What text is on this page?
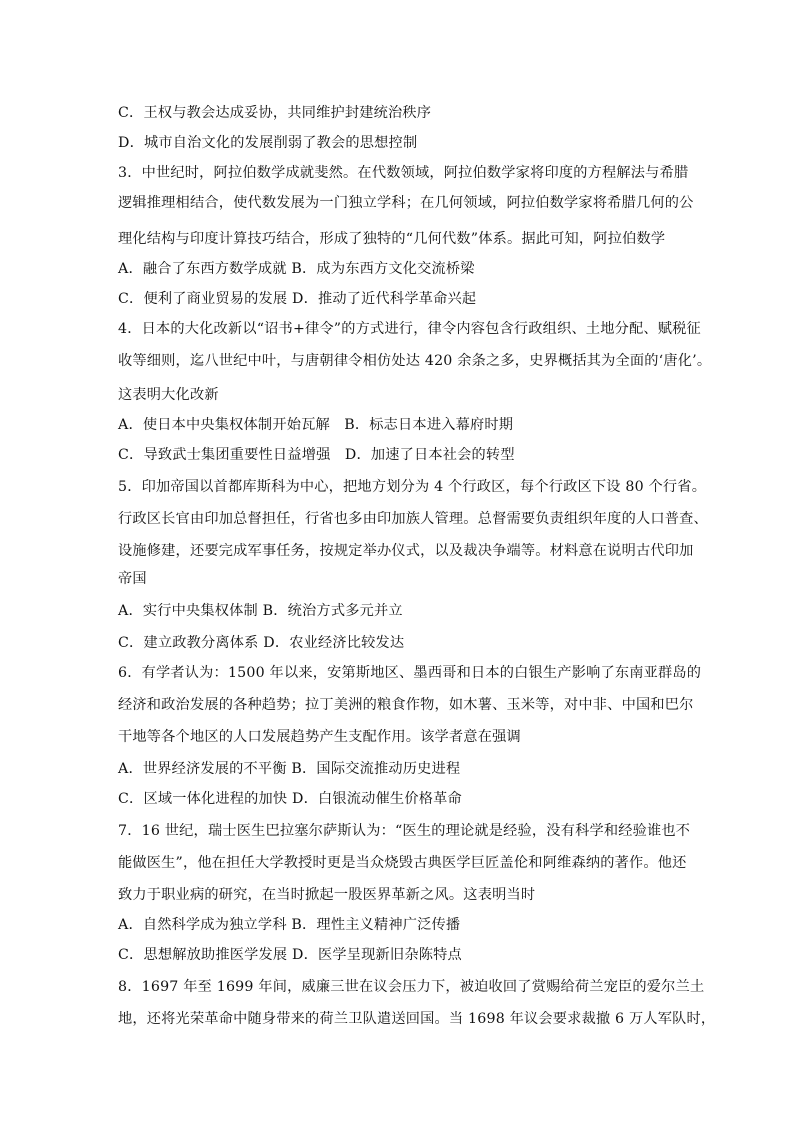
C．王权与教会达成妥协，共同维护封建统治秩序
D．城市自治文化的发展削弱了教会的思想控制
3．中世纪时，阿拉伯数学成就斐然。在代数领域，阿拉伯数学家将印度的方程解法与希腊
逻辑推理相结合，使代数发展为一门独立学科；在几何领域，阿拉伯数学家将希腊几何的公
理化结构与印度计算技巧结合，形成了独特的“几何代数”体系。据此可知，阿拉伯数学
A．融合了东西方数学成就 B．成为东西方文化交流桥梁
C．便利了商业贸易的发展 D．推动了近代科学革命兴起
4．日本的大化改新以“诏书+律令”的方式进行，律令内容包含行政组织、土地分配、赋税征
收等细则，迄八世纪中叶，与唐朝律令相仿处达 420 余条之多，史界概括其为全面的‘唐化’。
这表明大化改新
A．使日本中央集权体制开始瓦解　B．标志日本进入幕府时期
C．导致武士集团重要性日益增强　D．加速了日本社会的转型
5．印加帝国以首都库斯科为中心，把地方划分为 4 个行政区，每个行政区下设 80 个行省。
行政区长官由印加总督担任，行省也多由印加族人管理。总督需要负责组织年度的人口普查、
设施修建，还要完成军事任务，按规定举办仪式，以及裁决争端等。材料意在说明古代印加
帝国
A．实行中央集权体制 B．统治方式多元并立
C．建立政教分离体系 D．农业经济比较发达
6．有学者认为：1500 年以来，安第斯地区、墨西哥和日本的白银生产影响了东南亚群岛的
经济和政治发展的各种趋势；拉丁美洲的粮食作物，如木薯、玉米等，对中非、中国和巴尔
干地等各个地区的人口发展趋势产生支配作用。该学者意在强调
A．世界经济发展的不平衡 B．国际交流推动历史进程
C．区域一体化进程的加快 D．白银流动催生价格革命
7．16 世纪，瑞士医生巴拉塞尔萨斯认为：“医生的理论就是经验，没有科学和经验谁也不
能做医生”，他在担任大学教授时更是当众烧毁古典医学巨匠盖伦和阿维森纳的著作。他还
致力于职业病的研究，在当时掀起一股医界革新之风。这表明当时
A．自然科学成为独立学科 B．理性主义精神广泛传播
C．思想解放助推医学发展 D．医学呈现新旧杂陈特点
8．1697 年至 1699 年间，威廉三世在议会压力下，被迫收回了赏赐给荷兰宠臣的爱尔兰土
地，还将光荣革命中随身带来的荷兰卫队遣送回国。当 1698 年议会要求裁撤 6 万人军队时，
